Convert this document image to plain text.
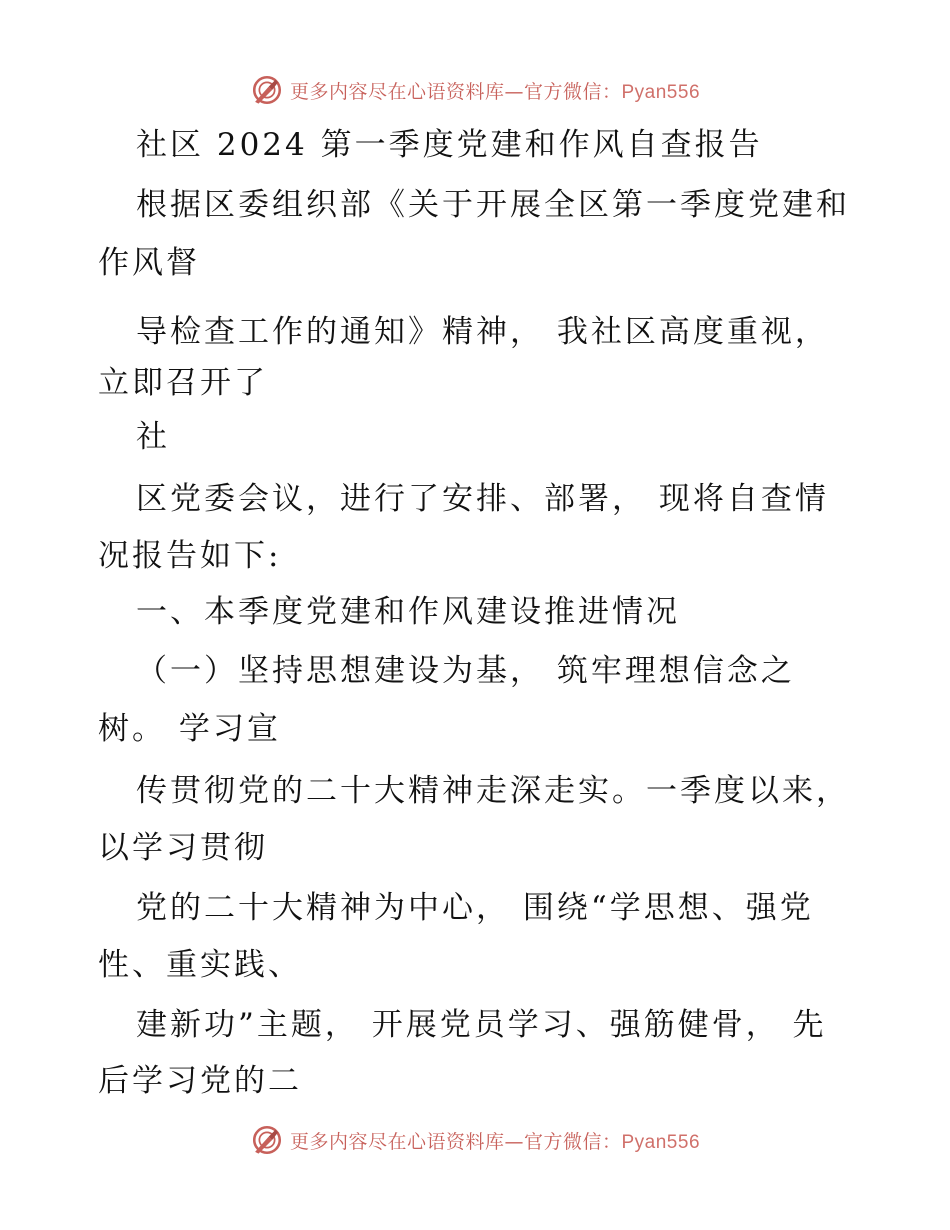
更多内容尽在心语资料库—官方微信：Pyan556
社区 2024 第一季度党建和作风自查报告
根据区委组织部《关于开展全区第一季度党建和
作风督
导检查工作的通知》精神， 我社区高度重视，
立即召开了
社
区党委会议，进行了安排、部署， 现将自查情
况报告如下:
一、本季度党建和作风建设推进情况
（一）坚持思想建设为基， 筑牢理想信念之
树。 学习宣
传贯彻党的二十大精神走深走实。一季度以来，
以学习贯彻
党的二十大精神为中心， 围绕“学思想、强党
性、重实践、
建新功”主题， 开展党员学习、强筋健骨， 先
后学习党的二
更多内容尽在心语资料库—官方微信：Pyan556
